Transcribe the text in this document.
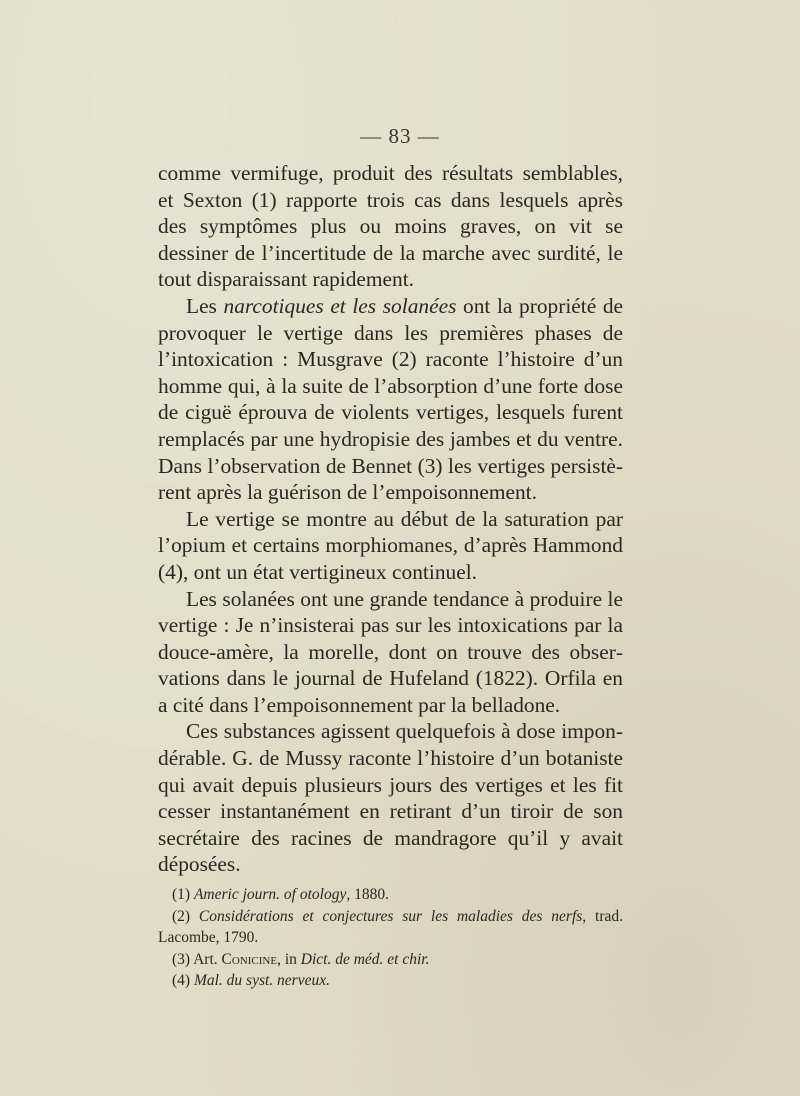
— 83 —

comme vermifuge, produit des résultats semblables, et Sexton (1) rapporte trois cas dans lesquels après des symptômes plus ou moins graves, on vit se dessiner de l’incertitude de la marche avec surdité, le tout disparaissant rapidement.

Les narcotiques et les solanées ont la propriété de provoquer le vertige dans les premières phases de l’intoxication : Musgrave (2) raconte l’histoire d’un homme qui, à la suite de l’absorption d’une forte dose de ciguë éprouva de violents vertiges, lesquels furent remplacés par une hydropisie des jambes et du ventre. Dans l’observation de Bennet (3) les vertiges persistèrent après la guérison de l’empoisonnement.

Le vertige se montre au début de la saturation par l’opium et certains morphiomanes, d’après Hammond (4), ont un état vertigineux continuel.

Les solanées ont une grande tendance à produire le vertige : Je n’insisterai pas sur les intoxications par la douce-amère, la morelle, dont on trouve des observations dans le journal de Hufeland (1822). Orfila en a cité dans l’empoisonnement par la belladone.

Ces substances agissent quelquefois à dose impondérable. G. de Mussy raconte l’histoire d’un botaniste qui avait depuis plusieurs jours des vertiges et les fit cesser instantanément en retirant d’un tiroir de son secrétaire des racines de mandragore qu’il y avait déposées.

(1) Americ journ. of otology, 1880.

(2) Considérations et conjectures sur les maladies des nerfs, trad. Lacombe, 1790.

(3) Art. Conicine, in Dict. de méd. et chir.

(4) Mal. du syst. nerveux.
